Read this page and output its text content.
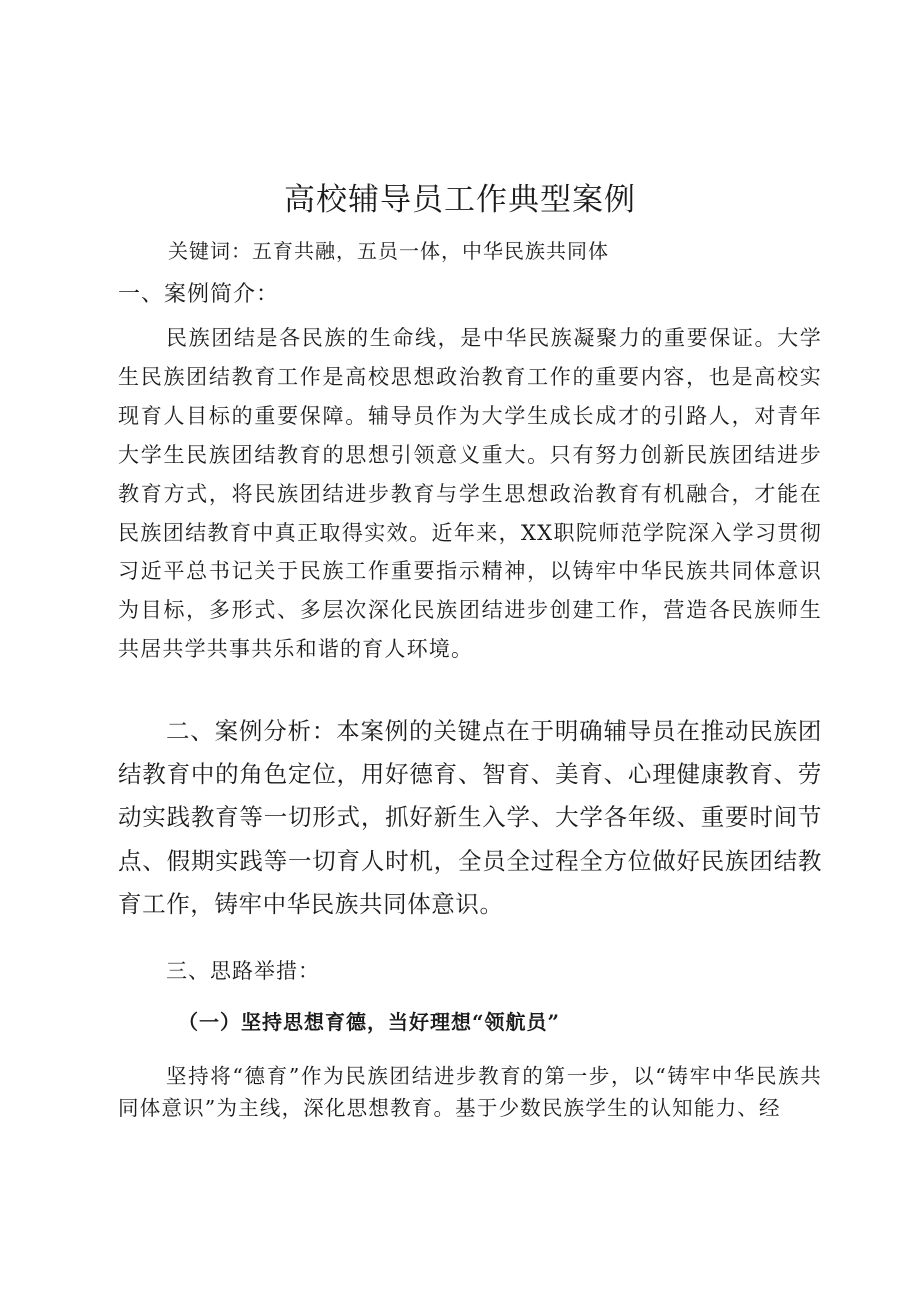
高校辅导员工作典型案例
关键词：五育共融，五员一体，中华民族共同体
一、案例简介：

民族团结是各民族的生命线，是中华民族凝聚力的重要保证。大学生民族团结教育工作是高校思想政治教育工作的重要内容，也是高校实现育人目标的重要保障。辅导员作为大学生成长成才的引路人，对青年大学生民族团结教育的思想引领意义重大。只有努力创新民族团结进步教育方式，将民族团结进步教育与学生思想政治教育有机融合，才能在民族团结教育中真正取得实效。近年来，XX职院师范学院深入学习贯彻习近平总书记关于民族工作重要指示精神，以铸牢中华民族共同体意识为目标，多形式、多层次深化民族团结进步创建工作，营造各民族师生共居共学共事共乐和谐的育人环境。

二、案例分析：本案例的关键点在于明确辅导员在推动民族团结教育中的角色定位，用好德育、智育、美育、心理健康教育、劳动实践教育等一切形式，抓好新生入学、大学各年级、重要时间节点、假期实践等一切育人时机，全员全过程全方位做好民族团结教育工作，铸牢中华民族共同体意识。

三、思路举措：
（一）坚持思想育德，当好理想“领航员”

坚持将“德育”作为民族团结进步教育的第一步，以“铸牢中华民族共同体意识”为主线，深化思想教育。基于少数民族学生的认知能力、经
